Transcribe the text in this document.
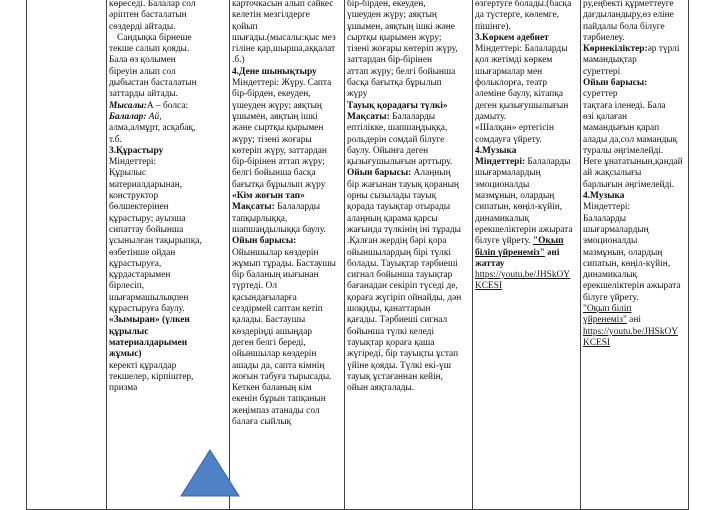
көреседі. Балалар сол
әріптен басталатын
сөздерді айтады.
Сандықка бірнеше
текше салып қояды.
Бала өз қолымен
біреуін алып сол
дыбыстан басталатын
заттарды айтады.
Мысалы:А – болса:
Балалар: Ай,
алма,алмұрт, асқабақ,
т.б.
3.Құрастыру
Міндеттері:
Құрылыс
материалдарынан,
конструктор
бөлшектерінен
құрастыру; ауызша
сипаттау бойынша
ұсынылған тақырыпқа,
өзбетінше ойдан
құрастыруға,
құрдастарымен
бірлесіп,
шығармашылықпен
құрастыруға баулу.
«Зымыран» (үлкен
құрылыс
материалдарымен
жұмыс)
керекті құралдар
текшелер, кірпіштер,
призма

карточкасын алып сәйкес
келетін мезгілдерге
қойып
шығады.(мысалы:қыс мез
гіліне қар,шырша,аққалат
.б.)
4.Дене шынықтыру
Міндеттері: Жүру. Сапта
бір-бірден, екеуден,
үшеуден жүру; аяқтың
ұшымен, аяқтың ішкі
және сыртқы қырымен
жүру; тізені жоғары
көтеріп жүру, заттардан
бір-бірінен аттап жүру;
белгі бойынша басқа
бағытқа бұрылып жүру
«Кім жоғын тап»
Мақсаты: Балаларды
тапқырлыққа,
шапшаңдылыққа баулу.
Ойын барысы:
Ойыншылар көздерін
жұмып тұрады. Бастаушы
бір баланың иығынан
түртеді. Ол
қасындағыларға
сездірмей саптан кетіп
қалады. Бастаушы
көздеріңді ашыңдар
деген белгі береді,
ойыншылар көздерін
ашады да, сапта кімнің
жоғын табуға тырысады.
Кеткен баланың кім
екенін бұрын тапқанын
жеңімпаз атанады сол
балаға сыйлық

бір-бірден, екеуден,
үшеуден жүру; аяқтың
ұшымен, аяқтың ішкі және
сыртқы қырымен жүру;
тізені жоғары көтеріп жүру,
заттардан бір-бірінен
аттап жүру; белгі бойынша
басқа бағытқа бұрылып
жүру
Тауық қорадағы түлкі»
Мақсаты: Балаларды
ептілікке, шапшаңдыққа,
рольдерін сомдай білуге
баулу. Ойынға деген
қызығушылығын арттыру.
Ойын барысы: Алаңның
бір жағынан тауық қораның
орны сызылады тауық
қорада тауықтар отырады
алаңның қарама қарсы
жағында түлкінің іні тұрады
.Қалған жердің бәрі қора
ойыншылардың бірі түлкі
болады. Тауықтар тәрбиеші
сигнал бойынша тауықтар
бағанадан секіріп түседі де,
қораға жүгіріп ойнайды, дән
шоқиды, қанаттарын
қағады. Тәрбиеші сигнал
бойынша түлкі келеді
тауықтар қораға қаша
жүгіреді, бір тауықты ұстап
үйіне қояды. Түлкі екі-үш
тауық ұстағаннан кейін,
ойын аяқталады.

өзгертуге болады.(басқа
да түстерге, көлемге,
пішінге).
3.Көркем әдебиет
Міндеттері: Балаларды
қол жетімді көркем
шығармалар мен
фольклорға, театр
әлеміне баулу, кітапқа
деген қызығушылығын
дамыту.
«Шалқан» ертегісін
сомдауға үйрету.
4.Музыка
Міндеттері: Балаларды
шығармалардың
эмоционалды
мазмұнын, олардың
сипатын, көңіл-күйін,
динамикалық
ерекшеліктерін ажырата
білуге үйрету. "Оқып
біліп үйренеміз" әні
жаттау
https://youtu.be/JHSkOY
KCESI

ру,еңбекті құрметтеуге
дағдыландыру,өз еліне
пайдалы бола білуге
тәрбиелеу.
Көрнекіліктер:әр түрлі
мамандықтар
суреттері
Ойын барысы:
суреттер
тақтаға іленеді. Бала
өзі қалаған
мамандығын қарап
алады да,сол мамандық
туралы әңгімелейді.
Неге ұнататынын,қандай
ай жақсылығы
барлығын әңгімелейді.
4.Музыка
Міндеттері:
Балаларды
шығармалардың
эмоционалды
мазмұнын, олардың
сипатын, көңіл-күйін,
динамикалық
ерекшеліктерін ажырата
білуге үйрету.
"Оқып біліп
үйренеміз" әні
https://youtu.be/JHSkOY
KCESI
